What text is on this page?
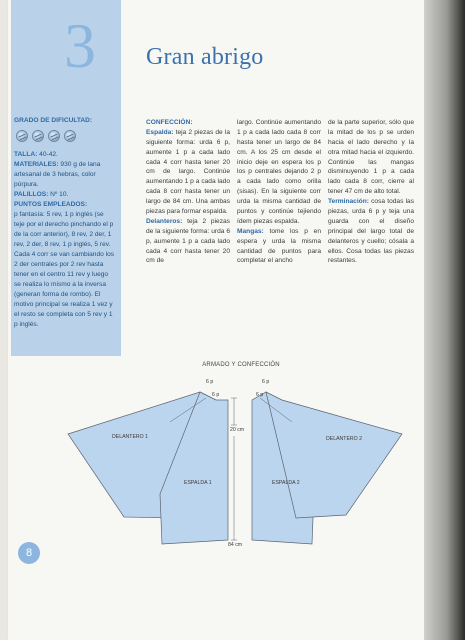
3
GRADO DE DIFICULTAD:
TALLA: 40-42.
MATERIALES: 930 g de lana artesanal de 3 hebras, color púrpura.
PALILLOS: Nº 10.
PUNTOS EMPLEADOS:
p fantasía: 5 rev, 1 p inglés (se teje por el derecho pinchando el p de la corr anterior), 8 rev, 2 der, 1 rev, 2 der, 8 rev, 1 p inglés, 5 rev. Cada 4 corr se van cambiando los 2 der centrales por 2 rev hasta tener en el centro 11 rev y luego se realiza lo mismo a la inversa (generan forma de rombo). El motivo principal se realiza 1 vez y el resto se completa con 5 rev y 1 p inglés.
Gran abrigo
CONFECCIÓN:
Espalda: teja 2 piezas de la siguiente forma: urda 6 p, aumente 1 p a cada lado cada 4 corr hasta tener 20 cm de largo. Continúe aumentando 1 p a cada lado cada 8 corr hasta tener un largo de 84 cm. Una ambas piezas para formar espalda.
Delanteros: teja 2 piezas de la siguiente forma: urda 6 p, aumente 1 p a cada lado cada 4 corr hasta tener 20 cm de
largo. Continúe aumentando 1 p a cada lado cada 8 corr hasta tener un largo de 84 cm. A los 25 cm desde el inicio deje en espera los p los p centrales dejando 2 p a cada lado como orilla (sisas). En la siguiente corr urda la misma cantidad de puntos y continúe tejiendo ídem piezas espalda.
Mangas: tome los p en espera y urda la misma cantidad de puntos para completar el ancho
de la parte superior, sólo que la mitad de los p se urden hacia el lado derecho y la otra mitad hacia el izquierdo. Continúe las mangas disminuyendo 1 p a cada lado cada 8 corr, cierre al tener 47 cm de alto total.
Terminación: cosa todas las piezas, urda 6 p y teja una guarda con el diseño principal del largo total de delanteros y cuello; cósala a ellos. Cosa todas las piezas restantes.
ARMADO Y CONFECCIÓN
6 p
6 p
6 p
6 p
20 cm
84 cm
DELANTERO 1
ESPALDA 1	ESPALDA 2
DELANTERO 2
8
